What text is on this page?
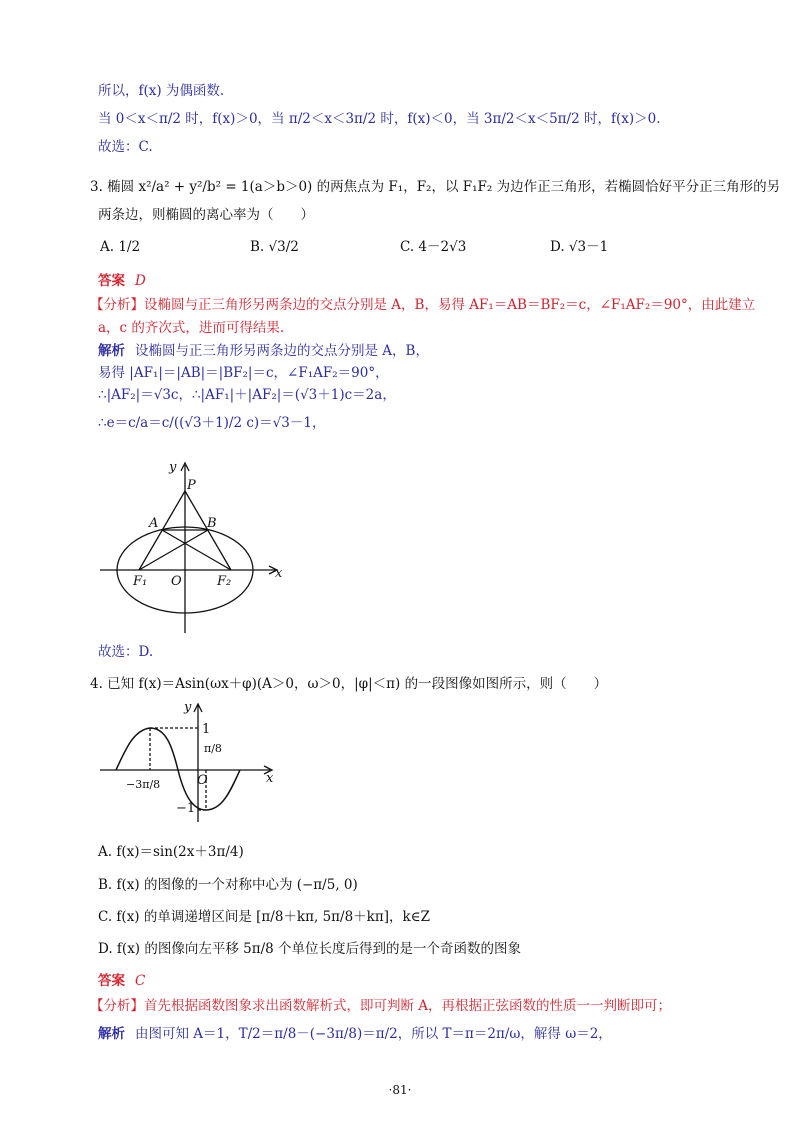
所以，f(x) 为偶函数.
当 0＜x＜π/2 时，f(x)＞0，当 π/2＜x＜3π/2 时，f(x)＜0，当 3π/2＜x＜5π/2 时，f(x)＞0.
故选：C.
3. 椭圆 x²/a² + y²/b² = 1(a＞b＞0) 的两焦点为 F₁，F₂，以 F₁F₂ 为边作正三角形，若椭圆恰好平分正三角形的另
两条边，则椭圆的离心率为（　　）
A. 1/2	B. √3/2	C. 4－2√3	D. √3－1
答案 D
【分析】设椭圆与正三角形另两条边的交点分别是 A，B，易得 AF₁＝AB＝BF₂＝c，∠F₁AF₂＝90°，由此建立
a，c 的齐次式，进而可得结果.
解析 设椭圆与正三角形另两条边的交点分别是 A，B，
易得 |AF₁|＝|AB|＝|BF₂|＝c，∠F₁AF₂＝90°，
∴|AF₂|＝√3c，∴|AF₁|＋|AF₂|＝(√3＋1)c＝2a，
∴e＝c/a＝c/((√3＋1)/2 c)＝√3－1，
y
x
P
A	B
O
F₁	F₂
故选：D.
4. 已知 f(x)＝Asin(ωx＋φ)(A＞0，ω＞0，|φ|＜π) 的一段图像如图所示，则（　　）
y
x
1
−1
O
π/8
−3π/8
A. f(x)＝sin(2x＋3π/4)
B. f(x) 的图像的一个对称中心为 (−π/5, 0)
C. f(x) 的单调递增区间是 [π/8＋kπ, 5π/8＋kπ]，k∈Z
D. f(x) 的图像向左平移 5π/8 个单位长度后得到的是一个奇函数的图象
答案 C
【分析】首先根据函数图象求出函数解析式，即可判断 A，再根据正弦函数的性质一一判断即可；
解析 由图可知 A＝1，T/2＝π/8－(−3π/8)＝π/2，所以 T＝π＝2π/ω，解得 ω＝2，
·81·
